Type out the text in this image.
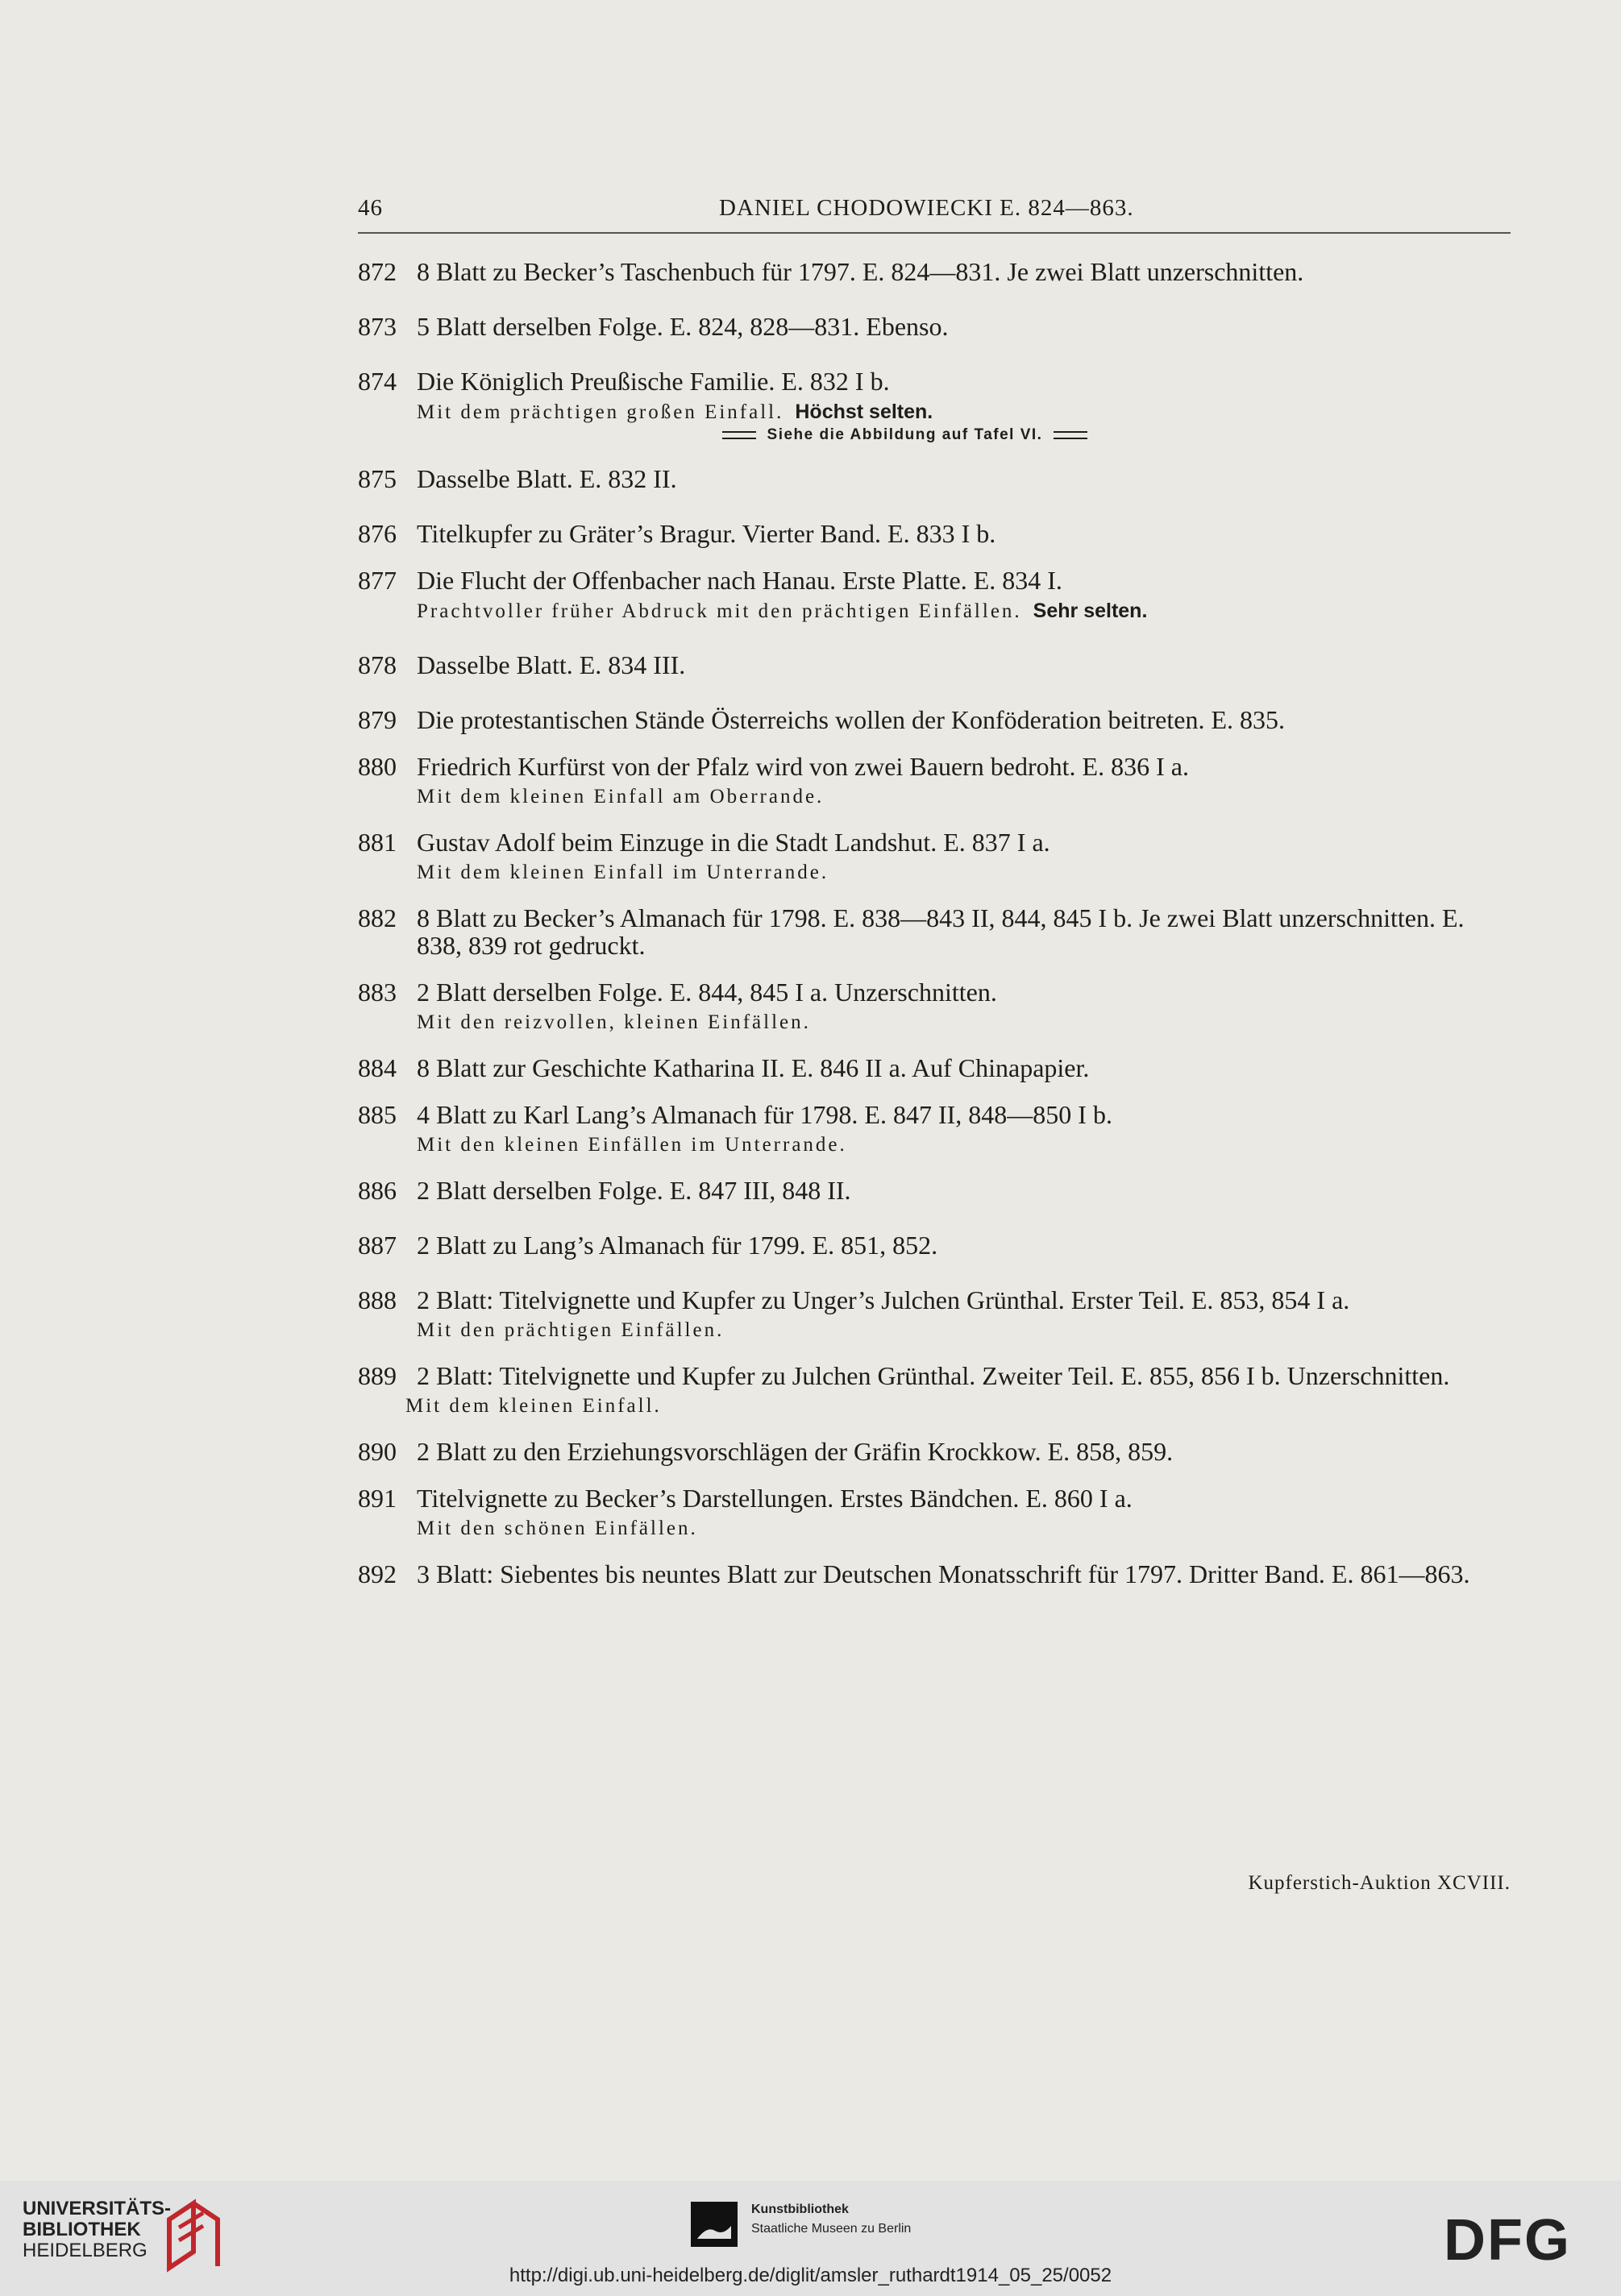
46	DANIEL CHODOWIECKI E. 824—863.
872 8 Blatt zu Becker’s Taschenbuch für 1797. E. 824—831. Je zwei Blatt unzerschnitten.
873 5 Blatt derselben Folge. E. 824, 828—831. Ebenso.
874 Die Königlich Preußische Familie. E. 832 I b.
Mit dem prächtigen großen Einfall. Höchst selten.
Siehe die Abbildung auf Tafel VI.
875 Dasselbe Blatt. E. 832 II.
876 Titelkupfer zu Gräter’s Bragur. Vierter Band. E. 833 I b.
877 Die Flucht der Offenbacher nach Hanau. Erste Platte. E. 834 I.
Prachtvoller früher Abdruck mit den prächtigen Einfällen. Sehr selten.
878 Dasselbe Blatt. E. 834 III.
879 Die protestantischen Stände Österreichs wollen der Konföderation beitreten. E. 835.
880 Friedrich Kurfürst von der Pfalz wird von zwei Bauern bedroht. E. 836 I a.
Mit dem kleinen Einfall am Oberrande.
881 Gustav Adolf beim Einzuge in die Stadt Landshut. E. 837 I a.
Mit dem kleinen Einfall im Unterrande.
882 8 Blatt zu Becker’s Almanach für 1798. E. 838—843 II, 844, 845 I b. Je zwei Blatt unzerschnitten. E. 838, 839 rot gedruckt.
883 2 Blatt derselben Folge. E. 844, 845 I a. Unzerschnitten.
Mit den reizvollen, kleinen Einfällen.
884 8 Blatt zur Geschichte Katharina II. E. 846 II a. Auf Chinapapier.
885 4 Blatt zu Karl Lang’s Almanach für 1798. E. 847 II, 848—850 I b.
Mit den kleinen Einfällen im Unterrande.
886 2 Blatt derselben Folge. E. 847 III, 848 II.
887 2 Blatt zu Lang’s Almanach für 1799. E. 851, 852.
888 2 Blatt: Titelvignette und Kupfer zu Unger’s Julchen Grünthal. Erster Teil. E. 853, 854 I a.
Mit den prächtigen Einfällen.
889 2 Blatt: Titelvignette und Kupfer zu Julchen Grünthal. Zweiter Teil. E. 855, 856 I b. Unzerschnitten.
Mit dem kleinen Einfall.
890 2 Blatt zu den Erziehungsvorschlägen der Gräfin Krockkow. E. 858, 859.
891 Titelvignette zu Becker’s Darstellungen. Erstes Bändchen. E. 860 I a.
Mit den schönen Einfällen.
892 3 Blatt: Siebentes bis neuntes Blatt zur Deutschen Monatsschrift für 1797. Dritter Band. E. 861—863.
Kupferstich-Auktion XCVIII.
UNIVERSITÄTS-
BIBLIOTHEK
HEIDELBERG
Kunstbibliothek
Staatliche Museen zu Berlin	DFG
http://digi.ub.uni-heidelberg.de/diglit/amsler_ruthardt1914_05_25/0052
